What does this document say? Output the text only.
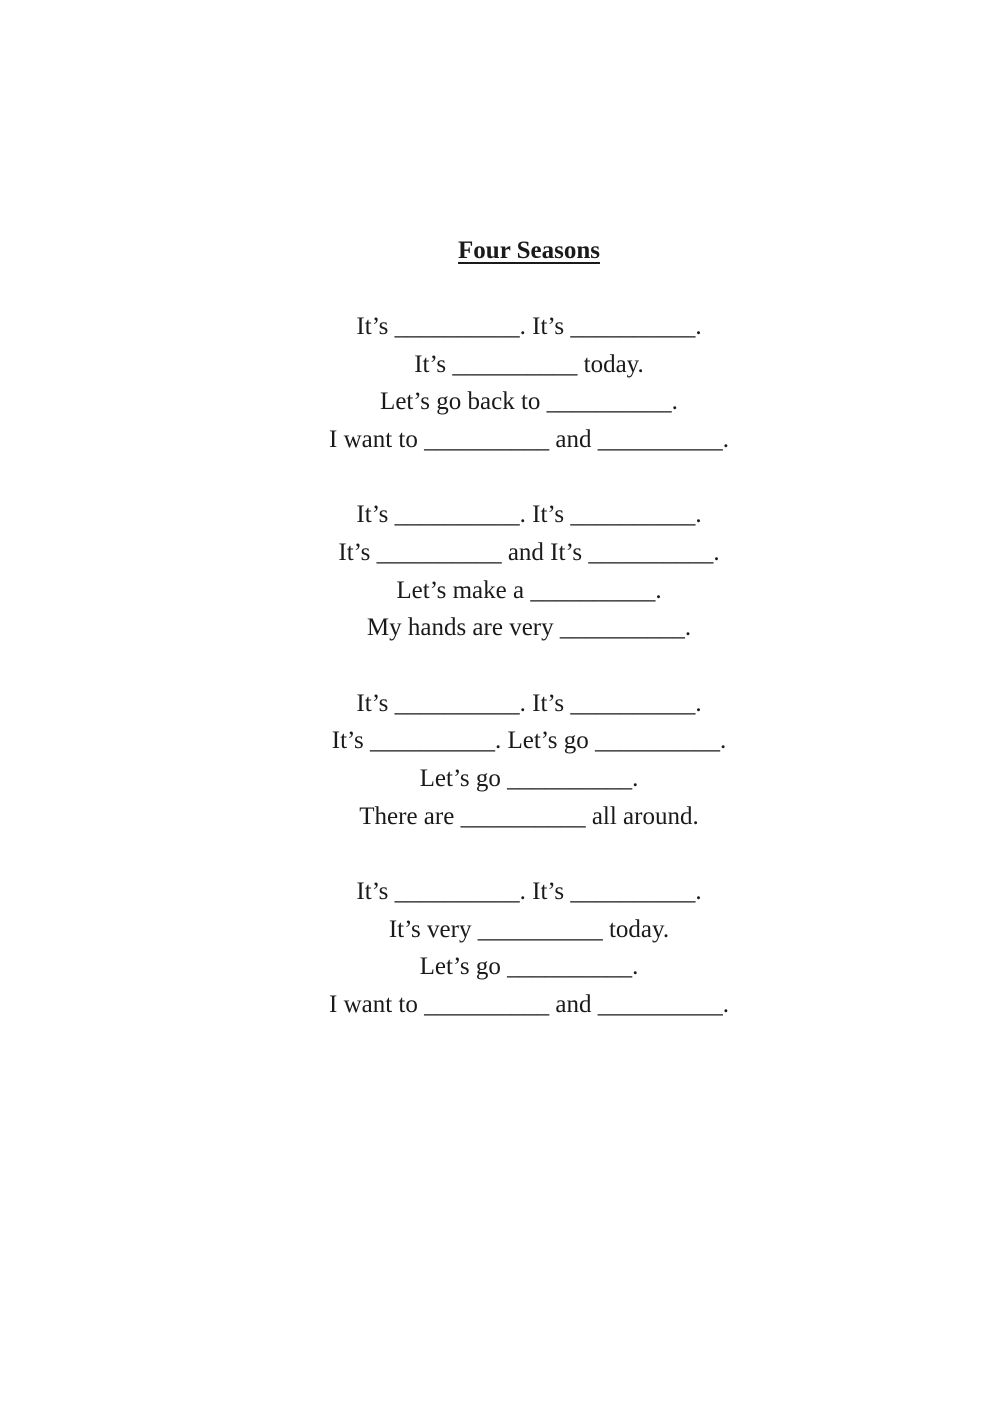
Four Seasons

It’s __________. It’s __________.

It’s __________ today.

Let’s go back to __________.

I want to __________ and __________.

It’s __________. It’s __________.

It’s __________ and It’s __________.

Let’s make a __________.

My hands are very __________.

It’s __________. It’s __________.

It’s __________. Let’s go __________.

Let’s go __________.

There are __________ all around.

It’s __________. It’s __________.

It’s very __________ today.

Let’s go __________.

I want to __________ and __________.
